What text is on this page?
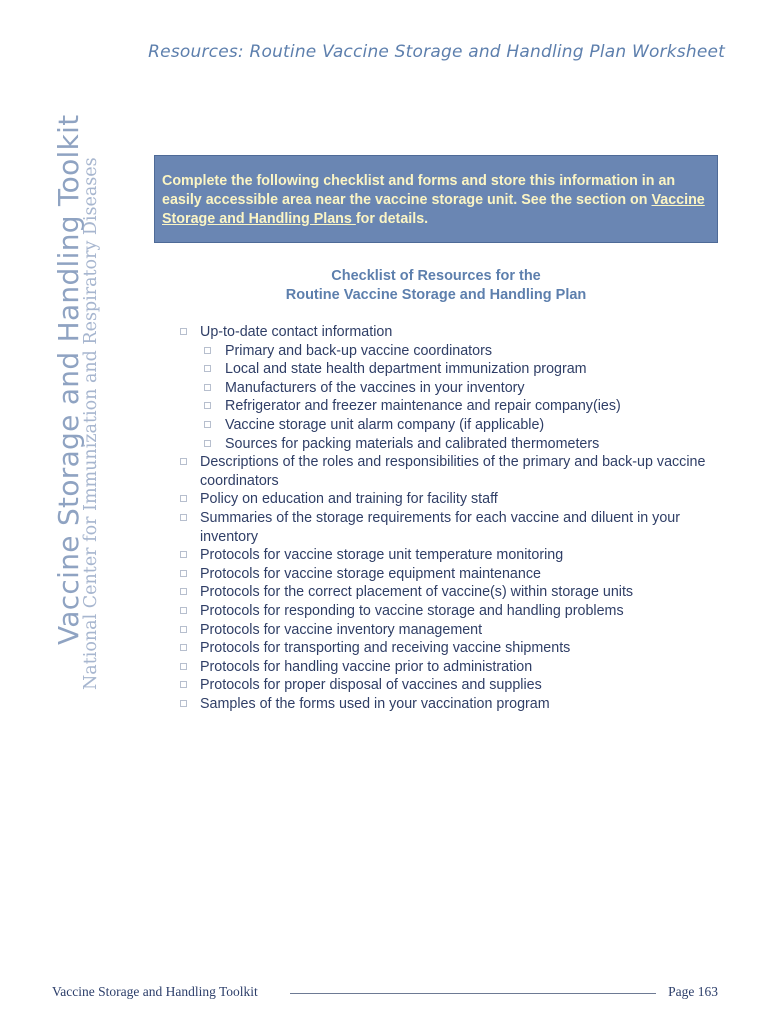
Resources: Routine Vaccine Storage and Handling Plan Worksheet
Vaccine Storage and Handling Toolkit
National Center for Immunization and Respiratory Diseases	Complete the following checklist and forms and store this information in an easily accessible area near the vaccine storage unit. See the section on Vaccine Storage and Handling Plans for details.
Checklist of Resources for the
Routine Vaccine Storage and Handling Plan
Up-to-date contact information
Primary and back-up vaccine coordinators
Local and state health department immunization program
Manufacturers of the vaccines in your inventory
Refrigerator and freezer maintenance and repair company(ies)
Vaccine storage unit alarm company (if applicable)
Sources for packing materials and calibrated thermometers
Descriptions of the roles and responsibilities of the primary and back-up vaccine coordinators
Policy on education and training for facility staff
Summaries of the storage requirements for each vaccine and diluent in your inventory
Protocols for vaccine storage unit temperature monitoring
Protocols for vaccine storage equipment maintenance
Protocols for the correct placement of vaccine(s) within storage units
Protocols for responding to vaccine storage and handling problems
Protocols for vaccine inventory management
Protocols for transporting and receiving vaccine shipments
Protocols for handling vaccine prior to administration
Protocols for proper disposal of vaccines and supplies
Samples of the forms used in your vaccination program
Vaccine Storage and Handling Toolkit	Page 163
